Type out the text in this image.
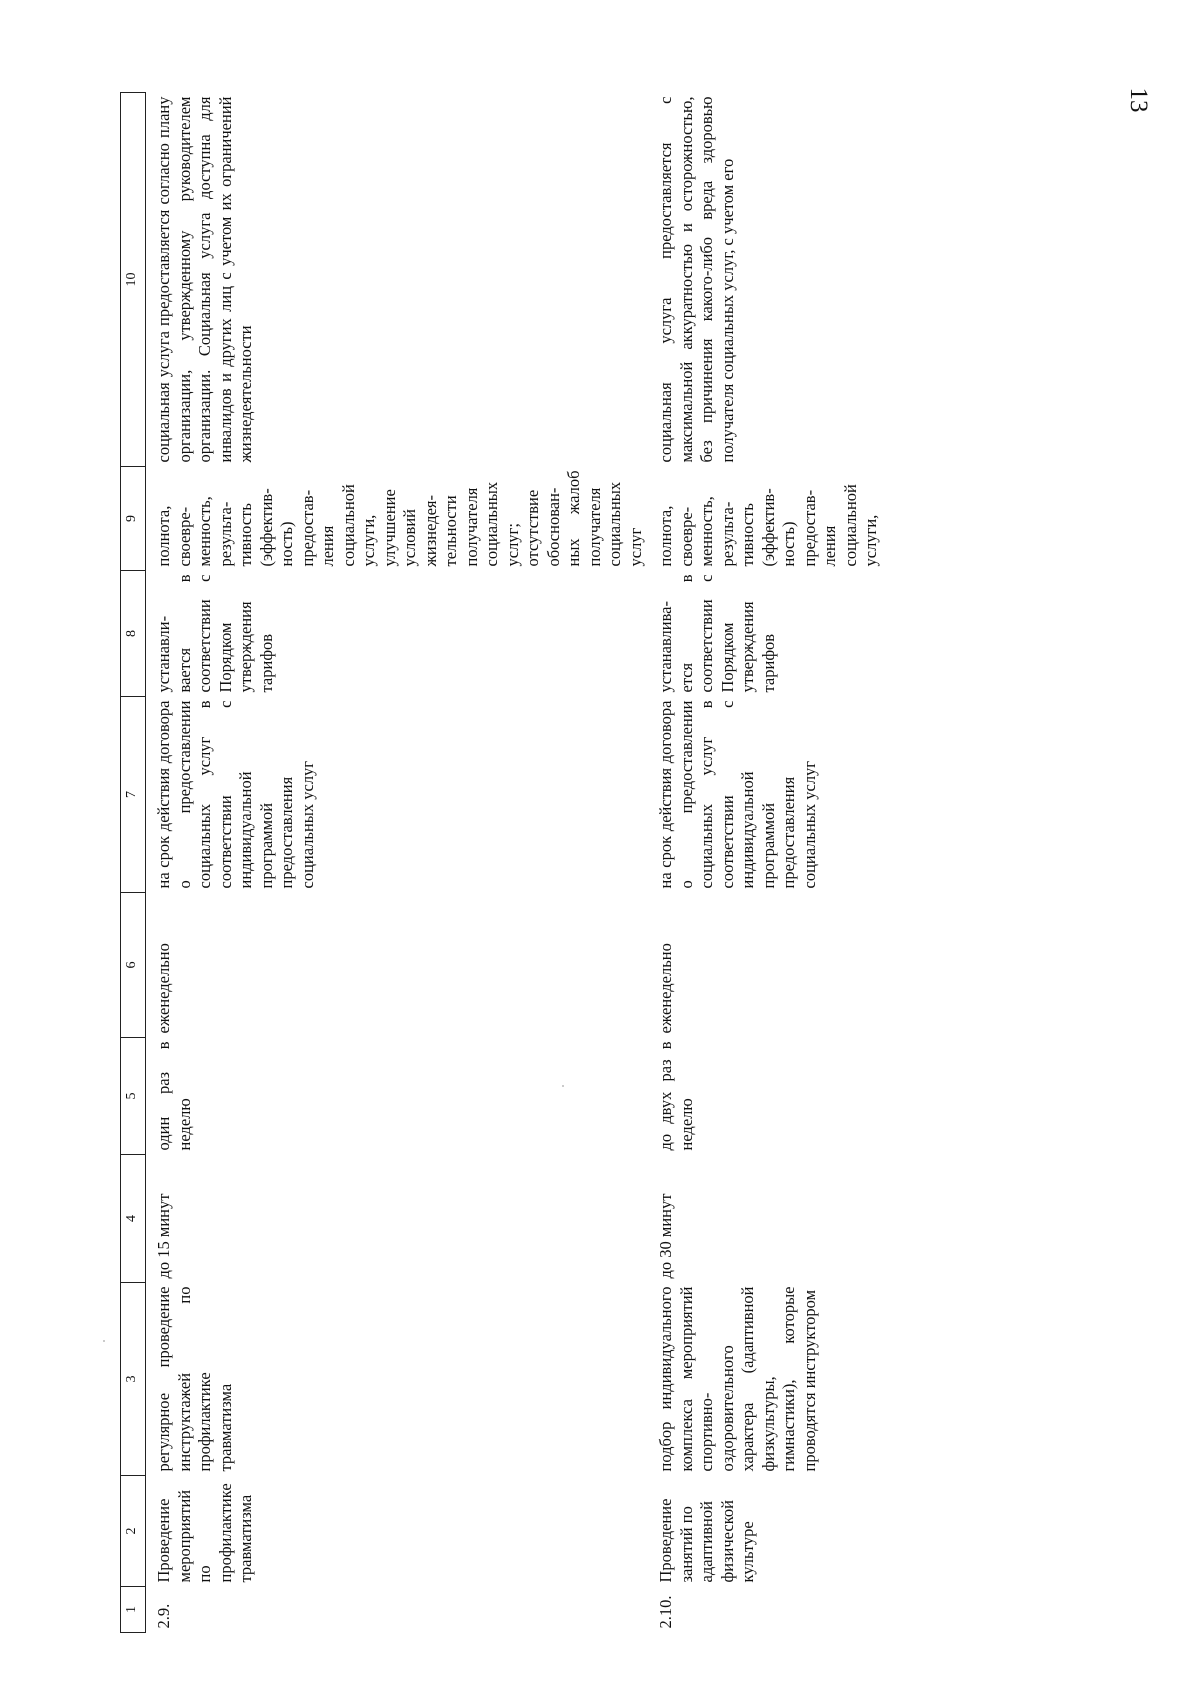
13
1	2	3	4	5	6	7	8	9	10
2.9.	Проведение мероприятий по профилактике травматизма	регулярное проведение инструктажей по профилактике травматизма	до 15 минут	один раз в неделю	еженедельно	на срок действия договора о предоставлении социальных услуг в соответствии с индивидуальной программой предоставления социальных услуг	устанавли- вается в соответствии с Порядком утверждения тарифов	полнота, своевре- менность, результа- тивность (эффектив- ность) предостав- ления социальной услуги, улучшение условий жизнедея- тельности получателя социальных услуг; отсутствие обоснован- ных жалоб получателя социальных услуг	социальная услуга предоставляется согласно плану организации, утвержденному руководителем организации. Социальная услуга доступна для инвалидов и других лиц с учетом их ограничений жизнедеятельности
2.10.	Проведение занятий по адаптивной физической культуре	подбор индивидуального комплекса мероприятий спортивно- оздоровительного характера (адаптивной физкультуры, гимнастики), которые проводятся инструктором	до 30 минут	до двух раз в неделю	еженедельно	на срок действия договора о предоставлении социальных услуг в соответствии с индивидуальной программой предоставления социальных услуг	устанавлива- ется в соответствии с Порядком утверждения тарифов	полнота, своевре- менность, результа- тивность (эффектив- ность) предостав- ления социальной услуги,	социальная услуга предоставляется с максимальной аккуратностью и осторожностью, без причинения какого-либо вреда здоровью получателя социальных услуг, с учетом его
